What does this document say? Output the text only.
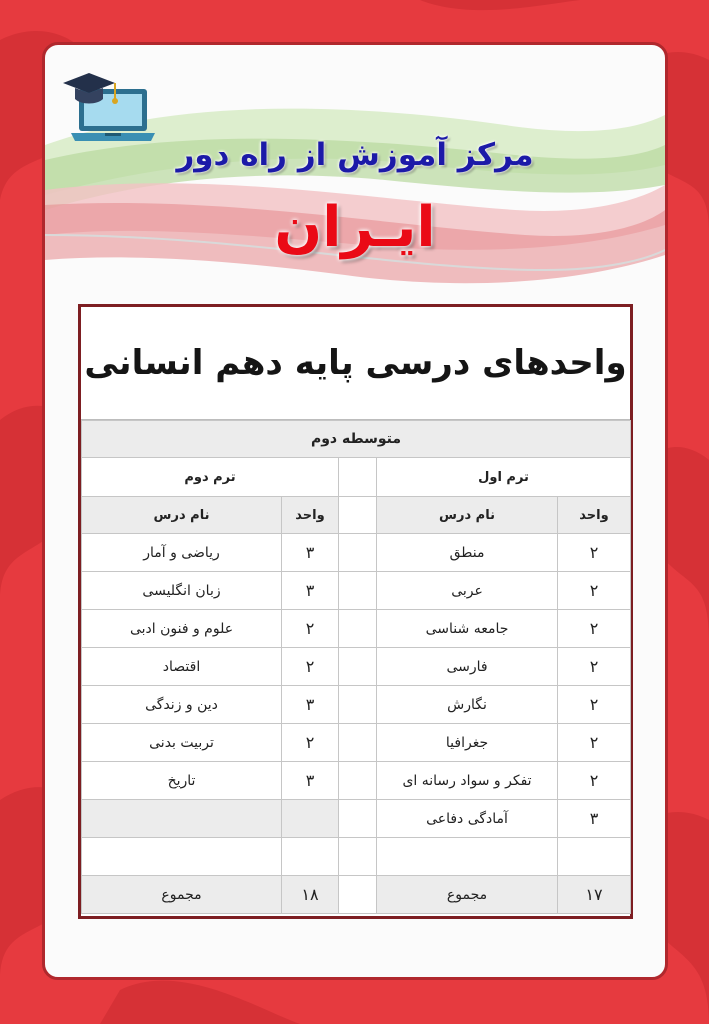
مرکز آموزش از راه دور
ایـران
واحدهای درسی پایه دهم انسانی
متوسطه دوم				
ترم اول			ترم دوم	
واحد	نام درس		واحد	نام درس
۲	منطق		۳	ریاضی و آمار
۲	عربی		۳	زبان انگلیسی
۲	جامعه شناسی		۲	علوم و فنون ادبی
۲	فارسی		۲	اقتصاد
۲	نگارش		۳	دین و زندگی
۲	جغرافیا		۲	تربیت بدنی
۲	تفکر و سواد رسانه ای		۳	تاریخ
۳	آمادگی دفاعی			

۱۷	مجموع		۱۸	مجموع
